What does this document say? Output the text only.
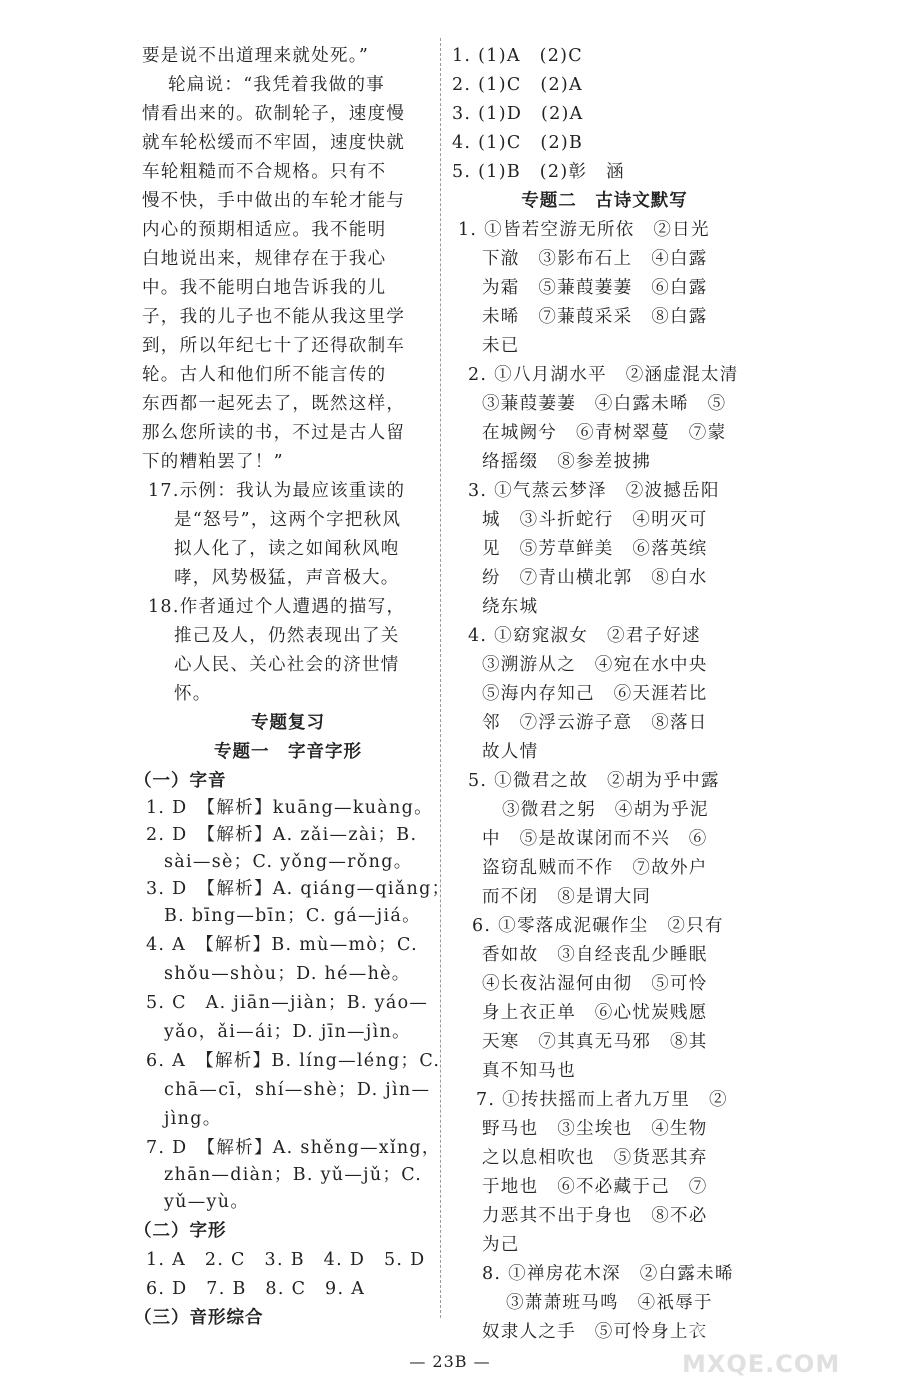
要是说不出道理来就处死。”
轮扁说：“我凭着我做的事
情看出来的。砍制轮子，速度慢
就车轮松缓而不牢固，速度快就
车轮粗糙而不合规格。只有不
慢不快，手中做出的车轮才能与
内心的预期相适应。我不能明
白地说出来，规律存在于我心
中。我不能明白地告诉我的儿
子，我的儿子也不能从我这里学
到，所以年纪七十了还得砍制车
轮。古人和他们所不能言传的
东西都一起死去了，既然这样，
那么您所读的书，不过是古人留
下的糟粕罢了！”
17.示例：我认为最应该重读的
是“怒号”，这两个字把秋风
拟人化了，读之如闻秋风咆
哮，风势极猛，声音极大。
18.作者通过个人遭遇的描写，
推己及人，仍然表现出了关
心人民、关心社会的济世情
怀。
专题复习
专题一　字音字形
（一）字音
1. D　【解析】kuāng—kuàng。
2. D　【解析】A. zǎi—zài；B.
sài—sè；C. yǒng—rǒng。
3. D　【解析】A. qiáng—qiǎng；
B. bīng—bīn；C. gá—jiá。
4. A　【解析】B. mù—mò；C.
shǒu—shòu；D. hé—hè。
5. C　A. jiān—jiàn；B. yáo—
yǎo，ǎi—ái；D. jīn—jìn。
6. A　【解析】B. líng—léng；C.
chā—cī，shí—shè；D. jìn—
jìng。
7. D　【解析】A. shěng—xǐng，
zhān—diàn；B. yǔ—jǔ；C.
yǔ—yù。
（二）字形
1. A　2. C　3. B　4. D　5. D
6. D　7. B　8. C　9. A
（三）音形综合
1. (1)A　(2)C
2. (1)C　(2)A
3. (1)D　(2)A
4. (1)C　(2)B
5. (1)B　(2)彰　涵
专题二　古诗文默写
1. ①皆若空游无所依　②日光
下澈　③影布石上　④白露
为霜　⑤蒹葭萋萋　⑥白露
未晞　⑦蒹葭采采　⑧白露
未已
2. ①八月湖水平　②涵虚混太清
③蒹葭萋萋　④白露未晞　⑤
在城阙兮　⑥青树翠蔓　⑦蒙
络摇缀　⑧参差披拂
3. ①气蒸云梦泽　②波撼岳阳
城　③斗折蛇行　④明灭可
见　⑤芳草鲜美　⑥落英缤
纷　⑦青山横北郭　⑧白水
绕东城
4. ①窈窕淑女　②君子好逑
③溯游从之　④宛在水中央
⑤海内存知己　⑥天涯若比
邻　⑦浮云游子意　⑧落日
故人情
5. ①微君之故　②胡为乎中露
③微君之躬　④胡为乎泥
中　⑤是故谋闭而不兴　⑥
盗窃乱贼而不作　⑦故外户
而不闭　⑧是谓大同
6. ①零落成泥碾作尘　②只有
香如故　③自经丧乱少睡眠
④长夜沾湿何由彻　⑤可怜
身上衣正单　⑥心忧炭贱愿
天寒　⑦其真无马邪　⑧其
真不知马也
7. ①抟扶摇而上者九万里　②
野马也　③尘埃也　④生物
之以息相吹也　⑤货恶其弃
于地也　⑥不必藏于己　⑦
力恶其不出于身也　⑧不必
为己
8. ①禅房花木深　②白露未晞
③萧萧班马鸣　④祇辱于
奴隶人之手　⑤可怜身上衣
— 23B —
答案圈
MXQE.COM
